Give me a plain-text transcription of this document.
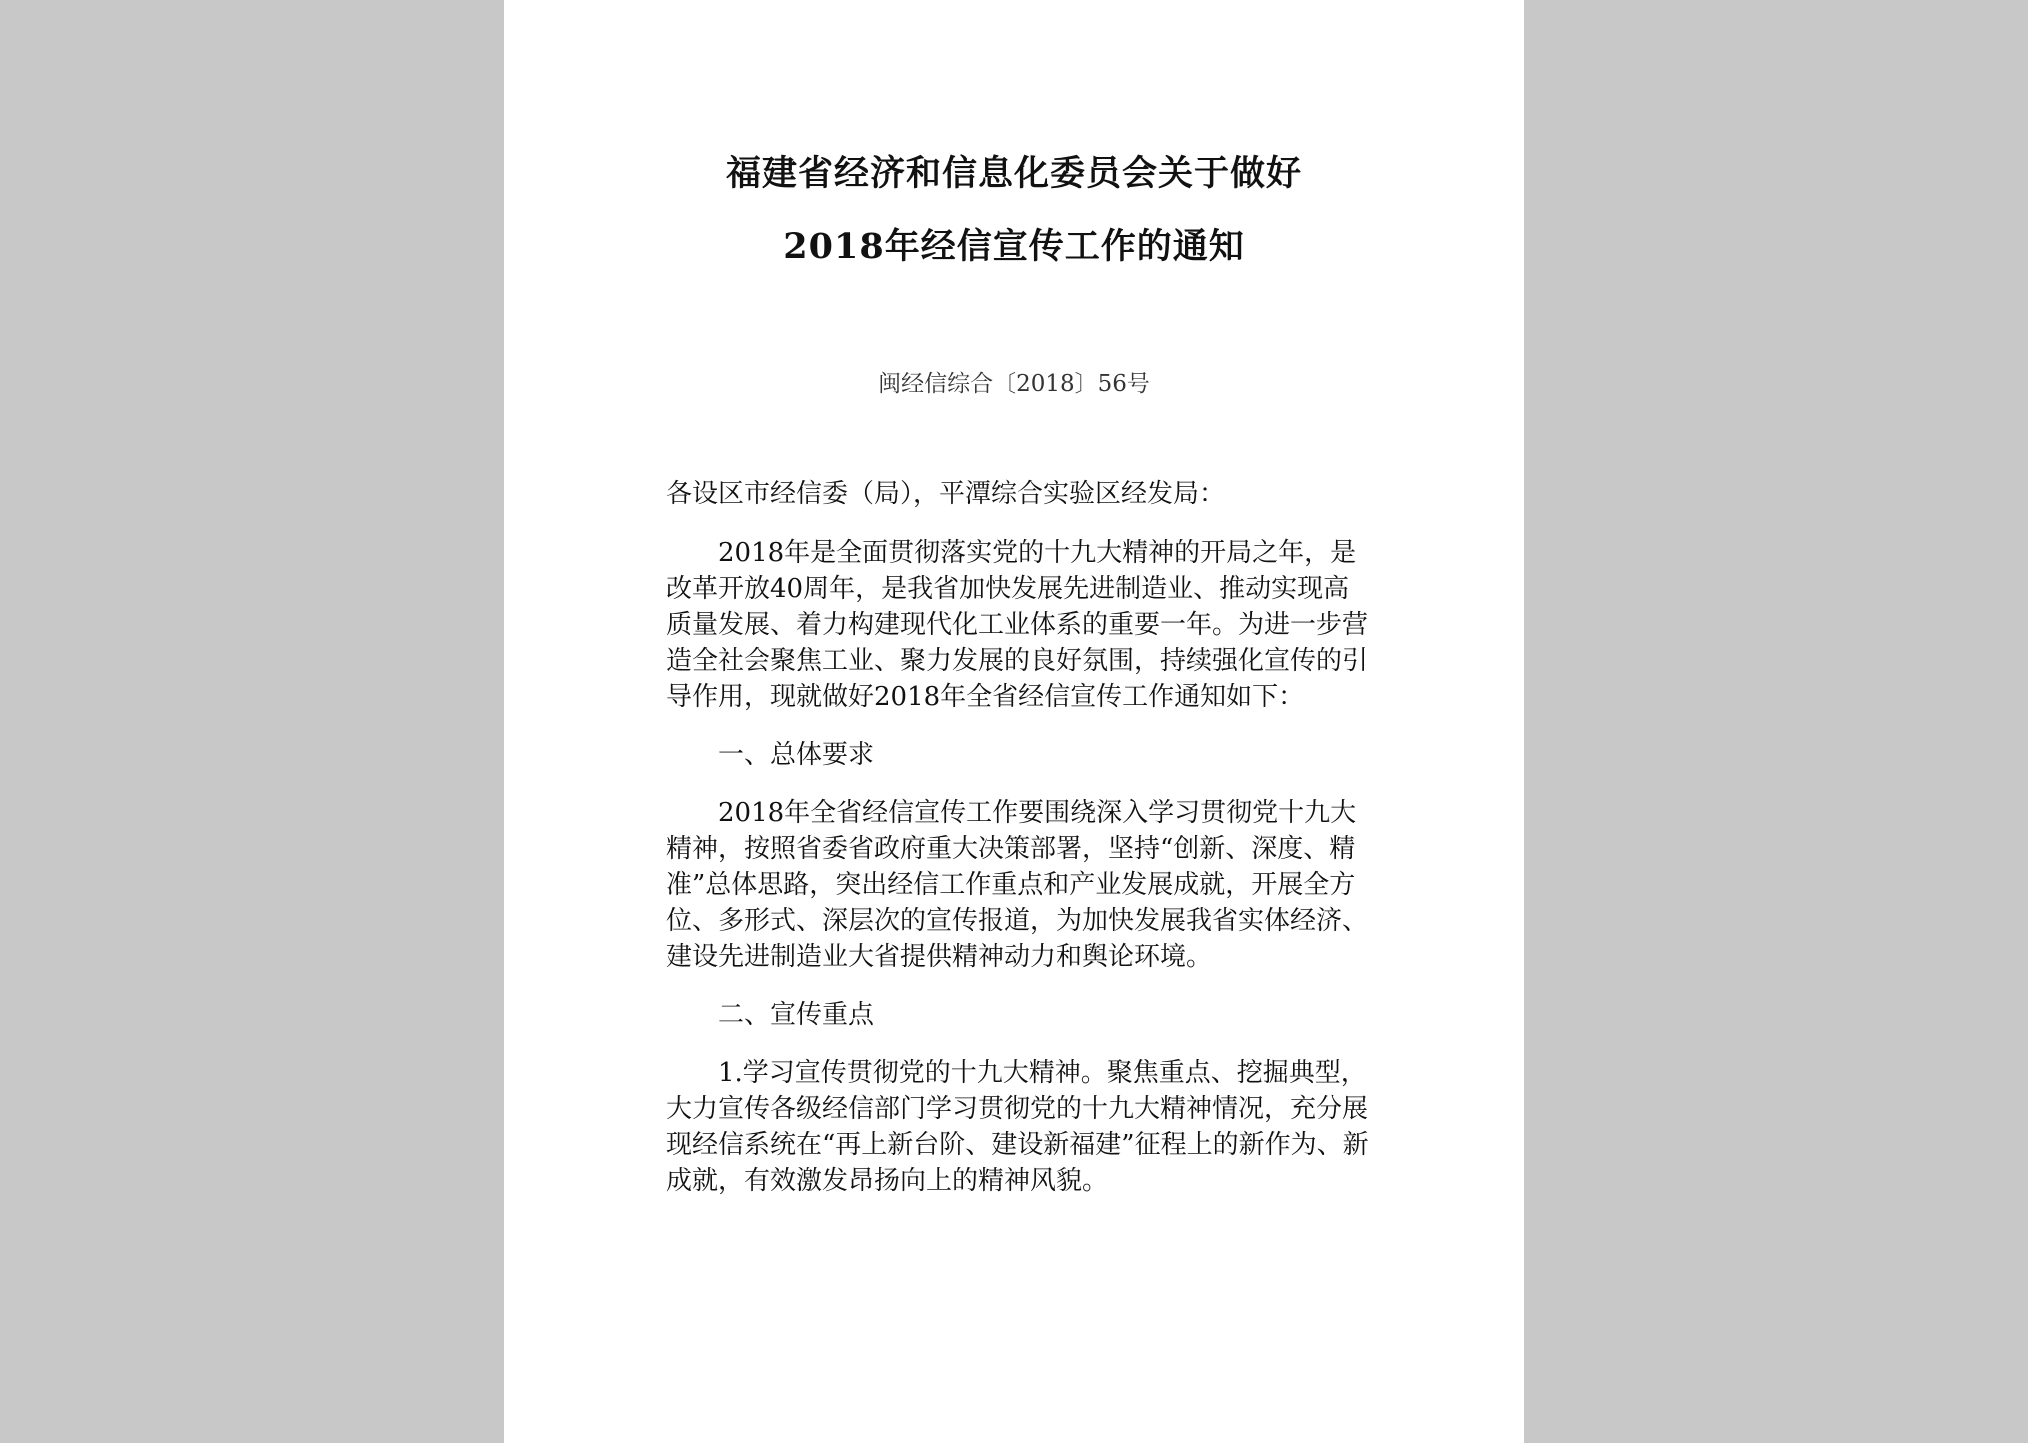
福建省经济和信息化委员会关于做好
2018年经信宣传工作的通知
闽经信综合〔2018〕56号

各设区市经信委（局），平潭综合实验区经发局：

2018年是全面贯彻落实党的十九大精神的开局之年，是改革开放40周年，是我省加快发展先进制造业、推动实现高质量发展、着力构建现代化工业体系的重要一年。为进一步营造全社会聚焦工业、聚力发展的良好氛围，持续强化宣传的引导作用，现就做好2018年全省经信宣传工作通知如下：

一、总体要求

2018年全省经信宣传工作要围绕深入学习贯彻党十九大精神，按照省委省政府重大决策部署，坚持“创新、深度、精准”总体思路，突出经信工作重点和产业发展成就，开展全方位、多形式、深层次的宣传报道，为加快发展我省实体经济、建设先进制造业大省提供精神动力和舆论环境。

二、宣传重点

1.学习宣传贯彻党的十九大精神。聚焦重点、挖掘典型，大力宣传各级经信部门学习贯彻党的十九大精神情况，充分展现经信系统在“再上新台阶、建设新福建”征程上的新作为、新成就，有效激发昂扬向上的精神风貌。
